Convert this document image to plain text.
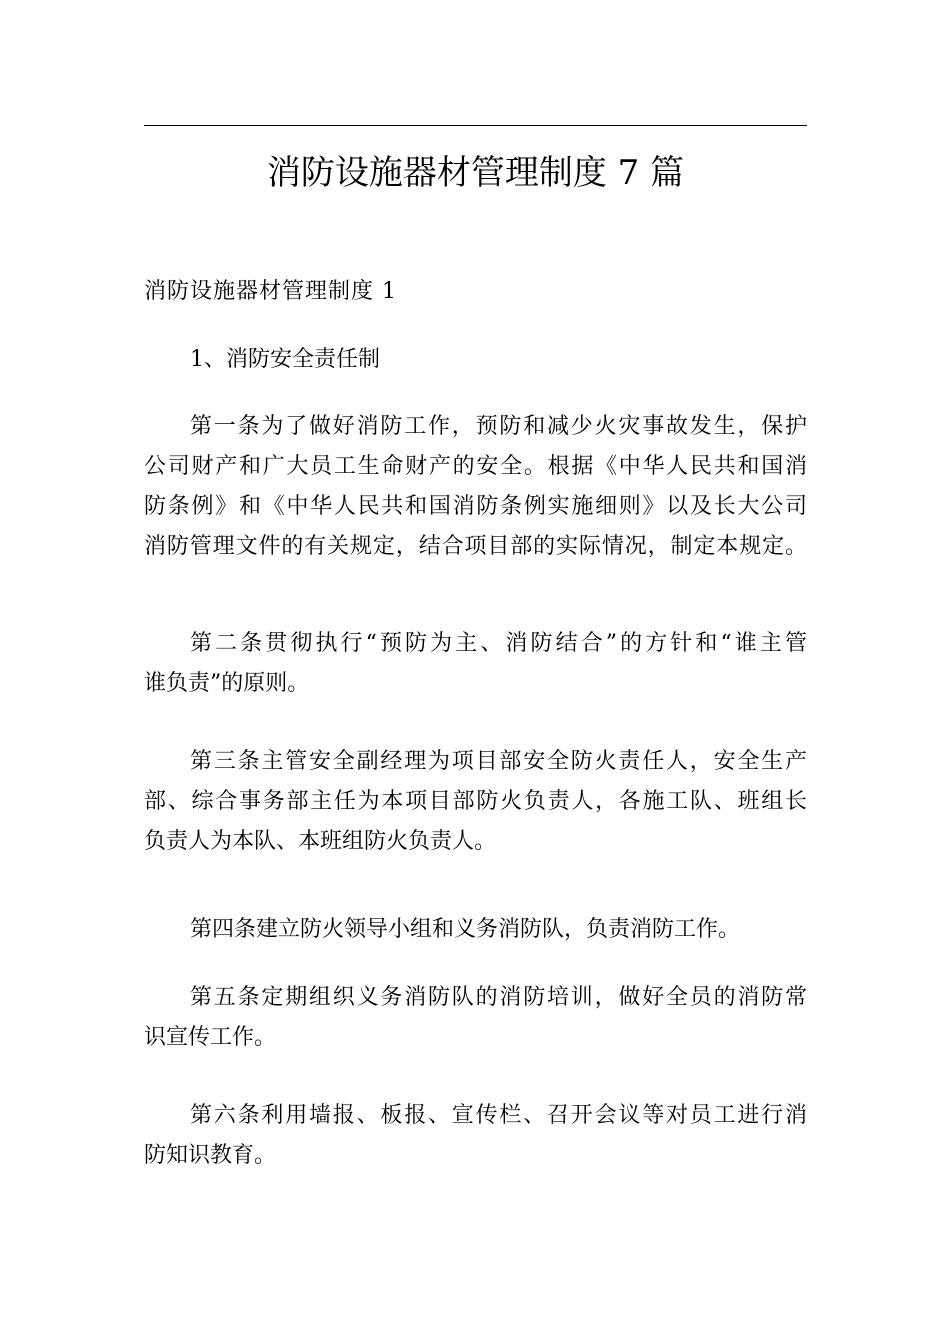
消防设施器材管理制度 7 篇
消防设施器材管理制度 1
1、消防安全责任制
第一条为了做好消防工作，预防和减少火灾事故发生，保护
公司财产和广大员工生命财产的安全。根据《中华人民共和国消
防条例》和《中华人民共和国消防条例实施细则》以及长大公司
消防管理文件的有关规定，结合项目部的实际情况，制定本规定。
第二条贯彻执行“预防为主、消防结合”的方针和“谁主管
谁负责”的原则。
第三条主管安全副经理为项目部安全防火责任人，安全生产
部、综合事务部主任为本项目部防火负责人，各施工队、班组长
负责人为本队、本班组防火负责人。
第四条建立防火领导小组和义务消防队，负责消防工作。
第五条定期组织义务消防队的消防培训，做好全员的消防常
识宣传工作。
第六条利用墙报、板报、宣传栏、召开会议等对员工进行消
防知识教育。
